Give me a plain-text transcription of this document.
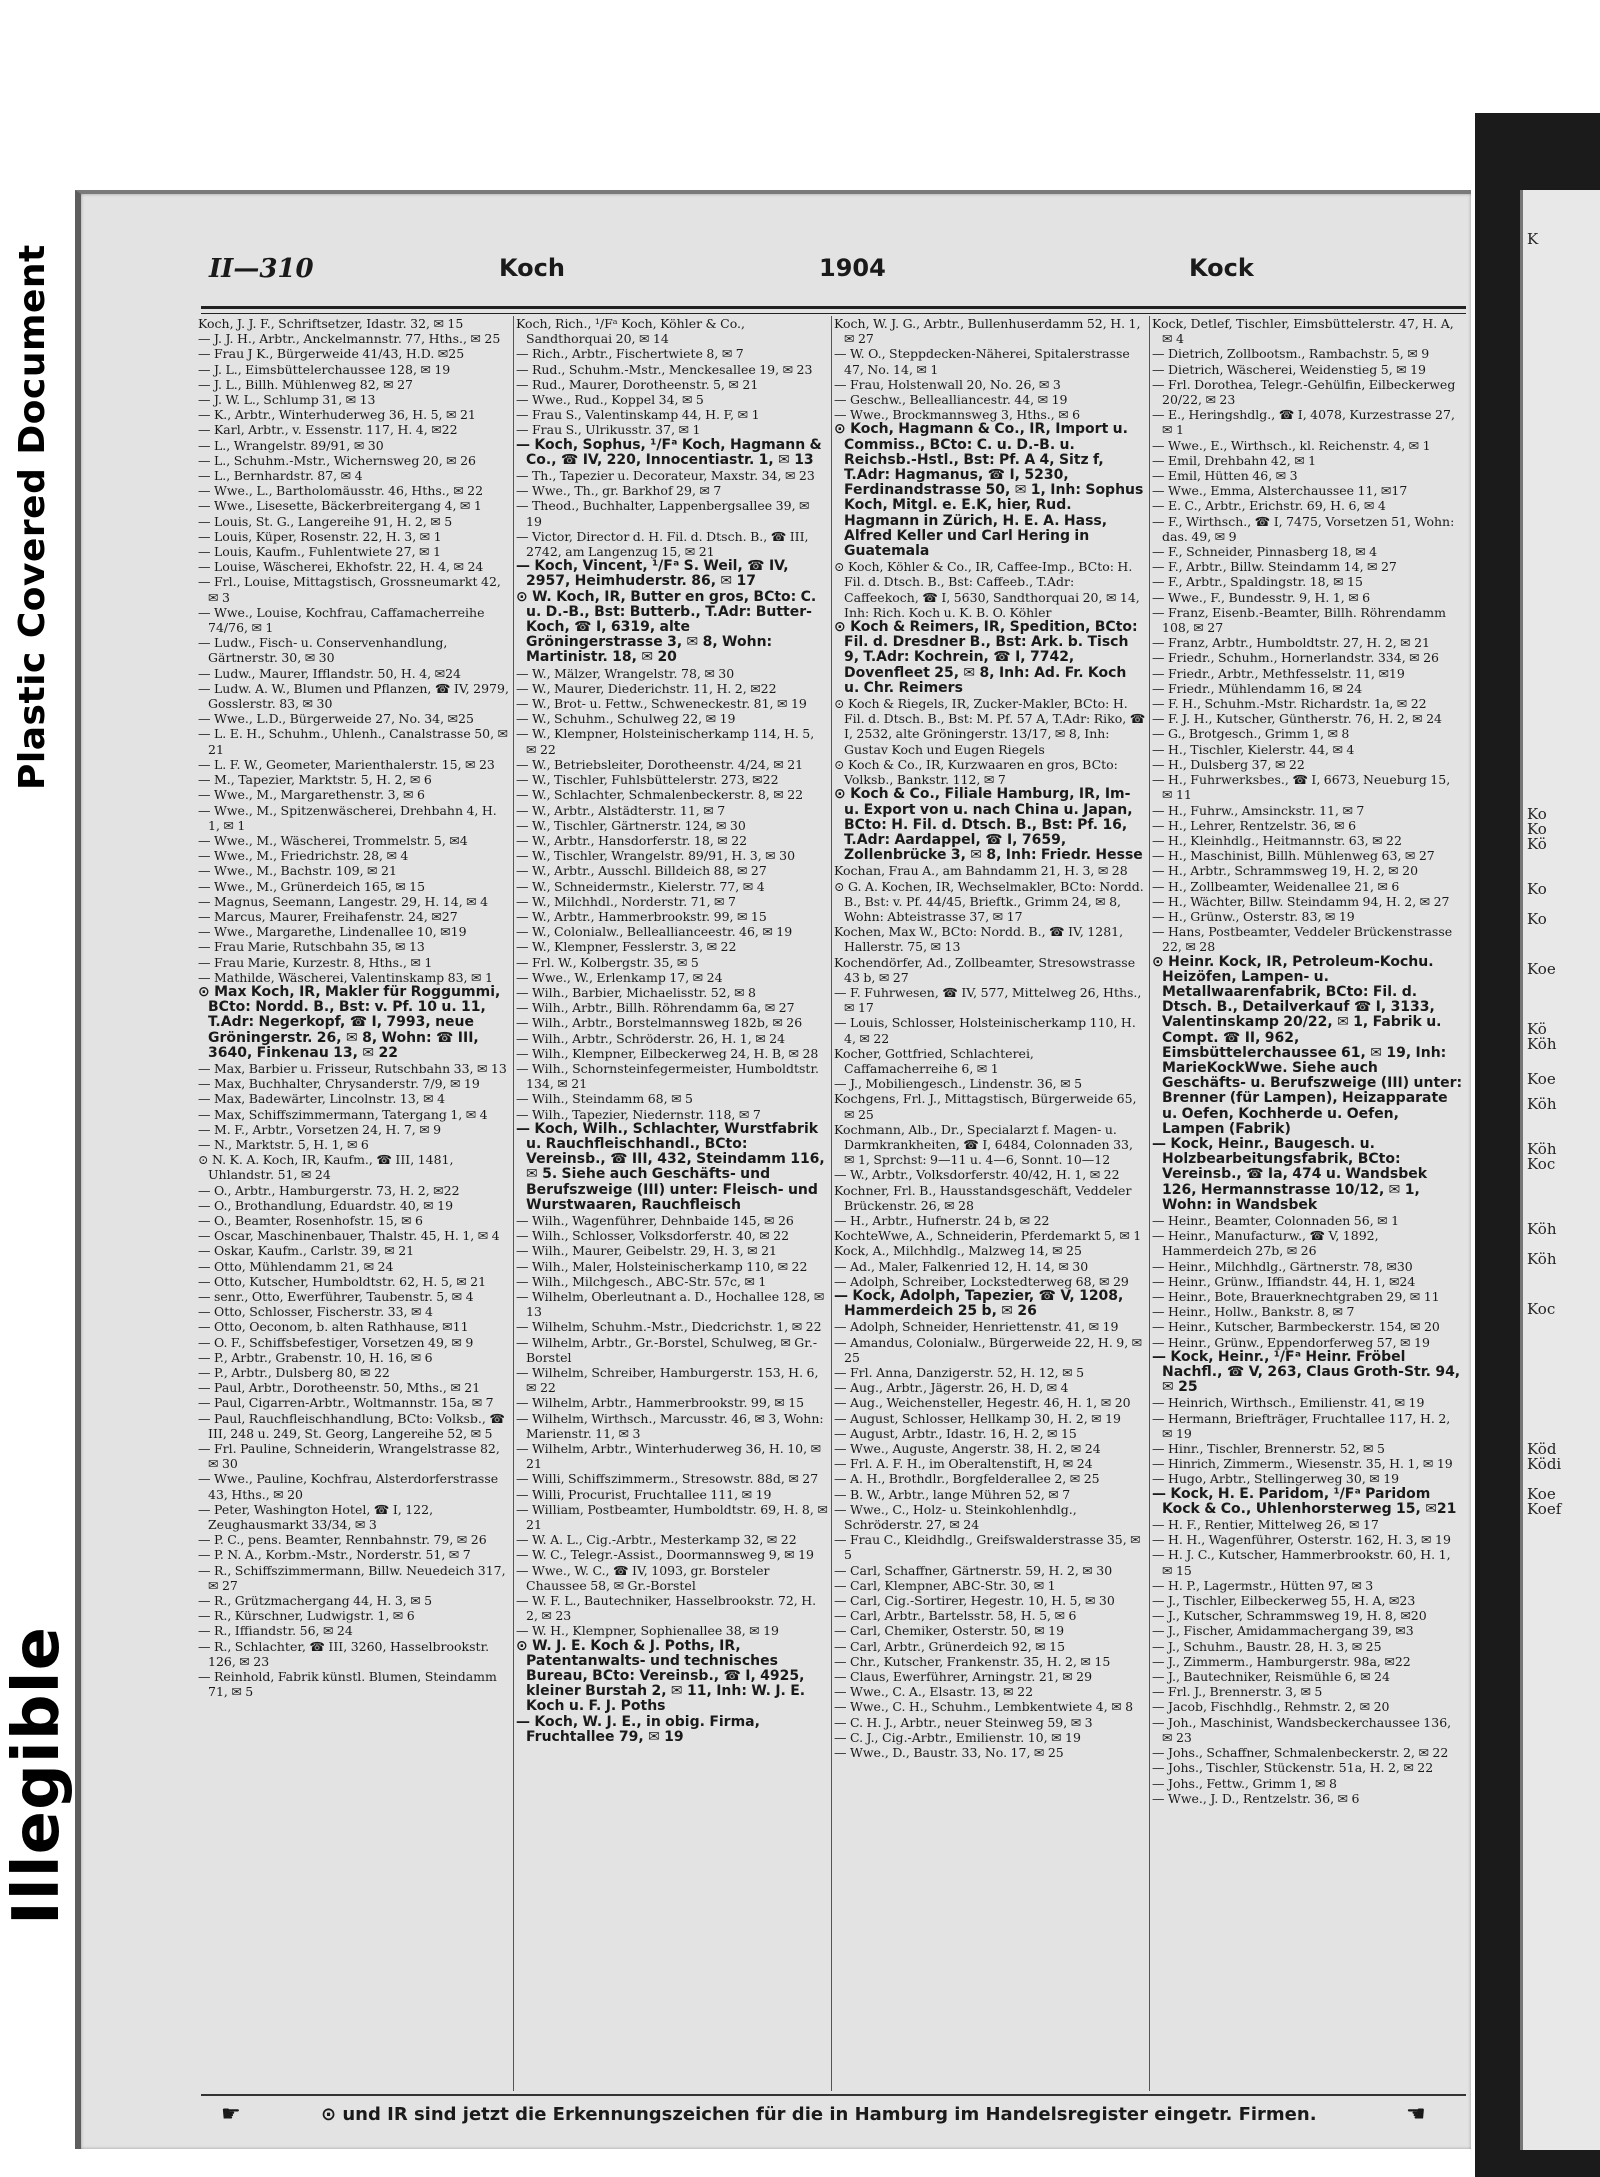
Plastic Covered Document
Illegible
K
Ko
Ko
Kö
Ko
Ko
Koe
Kö
Köh
Koe
Köh
Köh
Koc
Köh
Köh
Koc
Köd
Ködi
Koe
Koef
II—310	Koch	1904	Kock

Koch, J. J. F., Schriftsetzer, Idastr. 32, ✉ 15

— J. J. H., Arbtr., Anckelmannstr. 77, Hths., ✉ 25

— Frau J K., Bürgerweide 41/43, H.D. ✉25

— J. L., Eimsbüttelerchaussee 128, ✉ 19

— J. L., Billh. Mühlenweg 82, ✉ 27

— J. W. L., Schlump 31, ✉ 13

— K., Arbtr., Winterhuderweg 36, H. 5, ✉ 21

— Karl, Arbtr., v. Essenstr. 117, H. 4, ✉22

— L., Wrangelstr. 89/91, ✉ 30

— L., Schuhm.-Mstr., Wichernsweg 20, ✉ 26

— L., Bernhardstr. 87, ✉ 4

— Wwe., L., Bartholomäusstr. 46, Hths., ✉ 22

— Wwe., Lisesette, Bäckerbreitergang 4, ✉ 1

— Louis, St. G., Langereihe 91, H. 2, ✉ 5

— Louis, Küper, Rosenstr. 22, H. 3, ✉ 1

— Louis, Kaufm., Fuhlentwiete 27, ✉ 1

— Louise, Wäscherei, Ekhofstr. 22, H. 4, ✉ 24

— Frl., Louise, Mittagstisch, Grossneumarkt 42, ✉ 3

— Wwe., Louise, Kochfrau, Caffamacherreihe 74/76, ✉ 1

— Ludw., Fisch- u. Conservenhandlung, Gärtnerstr. 30, ✉ 30

— Ludw., Maurer, Ifflandstr. 50, H. 4, ✉24

— Ludw. A. W., Blumen und Pflanzen, ☎ IV, 2979, Gosslerstr. 83, ✉ 30

— Wwe., L.D., Bürgerweide 27, No. 34, ✉25

— L. E. H., Schuhm., Uhlenh., Canalstrasse 50, ✉ 21

— L. F. W., Geometer, Marienthalerstr. 15, ✉ 23

— M., Tapezier, Marktstr. 5, H. 2, ✉ 6

— Wwe., M., Margarethenstr. 3, ✉ 6

— Wwe., M., Spitzenwäscherei, Drehbahn 4, H. 1, ✉ 1

— Wwe., M., Wäscherei, Trommelstr. 5, ✉4

— Wwe., M., Friedrichstr. 28, ✉ 4

— Wwe., M., Bachstr. 109, ✉ 21

— Wwe., M., Grünerdeich 165, ✉ 15

— Magnus, Seemann, Langestr. 29, H. 14, ✉ 4

— Marcus, Maurer, Freihafenstr. 24, ✉27

— Wwe., Margarethe, Lindenallee 10, ✉19

— Frau Marie, Rutschbahn 35, ✉ 13

— Frau Marie, Kurzestr. 8, Hths., ✉ 1

— Mathilde, Wäscherei, Valentinskamp 83, ✉ 1

⊙ Max Koch, IR, Makler für Roggummi, BCto: Nordd. B., Bst: v. Pf. 10 u. 11, T.Adr: Negerkopf, ☎ I, 7993, neue Gröningerstr. 26, ✉ 8, Wohn: ☎ III, 3640, Finkenau 13, ✉ 22

— Max, Barbier u. Frisseur, Rutschbahn 33, ✉ 13

— Max, Buchhalter, Chrysanderstr. 7/9, ✉ 19

— Max, Badewärter, Lincolnstr. 13, ✉ 4

— Max, Schiffszimmermann, Tatergang 1, ✉ 4

— M. F., Arbtr., Vorsetzen 24, H. 7, ✉ 9

— N., Marktstr. 5, H. 1, ✉ 6

⊙ N. K. A. Koch, IR, Kaufm., ☎ III, 1481, Uhlandstr. 51, ✉ 24

— O., Arbtr., Hamburgerstr. 73, H. 2, ✉22

— O., Brothandlung, Eduardstr. 40, ✉ 19

— O., Beamter, Rosenhofstr. 15, ✉ 6

— Oscar, Maschinenbauer, Thalstr. 45, H. 1, ✉ 4

— Oskar, Kaufm., Carlstr. 39, ✉ 21

— Otto, Mühlendamm 21, ✉ 24

— Otto, Kutscher, Humboldtstr. 62, H. 5, ✉ 21

— senr., Otto, Ewerführer, Taubenstr. 5, ✉ 4

— Otto, Schlosser, Fischerstr. 33, ✉ 4

— Otto, Oeconom, b. alten Rathhause, ✉11

— O. F., Schiffsbefestiger, Vorsetzen 49, ✉ 9

— P., Arbtr., Grabenstr. 10, H. 16, ✉ 6

— P., Arbtr., Dulsberg 80, ✉ 22

— Paul, Arbtr., Dorotheenstr. 50, Mths., ✉ 21

— Paul, Cigarren-Arbtr., Woltmannstr. 15a, ✉ 7

— Paul, Rauchfleischhandlung, BCto: Volksb., ☎ III, 248 u. 249, St. Georg, Langereihe 52, ✉ 5

— Frl. Pauline, Schneiderin, Wrangelstrasse 82, ✉ 30

— Wwe., Pauline, Kochfrau, Alsterdorferstrasse 43, Hths., ✉ 20

— Peter, Washington Hotel, ☎ I, 122, Zeughausmarkt 33/34, ✉ 3

— P. C., pens. Beamter, Rennbahnstr. 79, ✉ 26

— P. N. A., Korbm.-Mstr., Norderstr. 51, ✉ 7

— R., Schiffszimmermann, Billw. Neuedeich 317, ✉ 27

— R., Grützmachergang 44, H. 3, ✉ 5

— R., Kürschner, Ludwigstr. 1, ✉ 6

— R., Iffiandstr. 56, ✉ 24

— R., Schlachter, ☎ III, 3260, Hasselbrookstr. 126, ✉ 23

— Reinhold, Fabrik künstl. Blumen, Steindamm 71, ✉ 5

Koch, Rich., ¹/Fᵃ Koch, Köhler & Co., Sandthorquai 20, ✉ 14

— Rich., Arbtr., Fischertwiete 8, ✉ 7

— Rud., Schuhm.-Mstr., Menckesallee 19, ✉ 23

— Rud., Maurer, Dorotheenstr. 5, ✉ 21

— Wwe., Rud., Koppel 34, ✉ 5

— Frau S., Valentinskamp 44, H. F, ✉ 1

— Frau S., Ulrikusstr. 37, ✉ 1

— Koch, Sophus, ¹/Fᵃ Koch, Hagmann & Co., ☎ IV, 220, Innocentiastr. 1, ✉ 13

— Th., Tapezier u. Decorateur, Maxstr. 34, ✉ 23

— Wwe., Th., gr. Barkhof 29, ✉ 7

— Theod., Buchhalter, Lappenbergsallee 39, ✉ 19

— Victor, Director d. H. Fil. d. Dtsch. B., ☎ III, 2742, am Langenzug 15, ✉ 21

— Koch, Vincent, ¹/Fᵃ S. Weil, ☎ IV, 2957, Heimhuderstr. 86, ✉ 17

⊙ W. Koch, IR, Butter en gros, BCto: C. u. D.-B., Bst: Butterb., T.Adr: Butter-Koch, ☎ I, 6319, alte Gröningerstrasse 3, ✉ 8, Wohn: Martinistr. 18, ✉ 20

— W., Mälzer, Wrangelstr. 78, ✉ 30

— W., Maurer, Diederichstr. 11, H. 2, ✉22

— W., Brot- u. Fettw., Schweneckestr. 81, ✉ 19

— W., Schuhm., Schulweg 22, ✉ 19

— W., Klempner, Holsteinischerkamp 114, H. 5, ✉ 22

— W., Betriebsleiter, Dorotheenstr. 4/24, ✉ 21

— W., Tischler, Fuhlsbüttelerstr. 273, ✉22

— W., Schlachter, Schmalenbeckerstr. 8, ✉ 22

— W., Arbtr., Alstädterstr. 11, ✉ 7

— W., Tischler, Gärtnerstr. 124, ✉ 30

— W., Arbtr., Hansdorferstr. 18, ✉ 22

— W., Tischler, Wrangelstr. 89/91, H. 3, ✉ 30

— W., Arbtr., Ausschl. Billdeich 88, ✉ 27

— W., Schneidermstr., Kielerstr. 77, ✉ 4

— W., Milchhdl., Norderstr. 71, ✉ 7

— W., Arbtr., Hammerbrookstr. 99, ✉ 15

— W., Colonialw., Belleallianceestr. 46, ✉ 19

— W., Klempner, Fesslerstr. 3, ✉ 22

— Frl. W., Kolbergstr. 35, ✉ 5

— Wwe., W., Erlenkamp 17, ✉ 24

— Wilh., Barbier, Michaelisstr. 52, ✉ 8

— Wilh., Arbtr., Billh. Röhrendamm 6a, ✉ 27

— Wilh., Arbtr., Borstelmannsweg 182b, ✉ 26

— Wilh., Arbtr., Schröderstr. 26, H. 1, ✉ 24

— Wilh., Klempner, Eilbeckerweg 24, H. B, ✉ 28

— Wilh., Schornsteinfegermeister, Humboldtstr. 134, ✉ 21

— Wilh., Steindamm 68, ✉ 5

— Wilh., Tapezier, Niedernstr. 118, ✉ 7

— Koch, Wilh., Schlachter, Wurstfabrik u. Rauchfleischhandl., BCto: Vereinsb., ☎ III, 432, Steindamm 116, ✉ 5. Siehe auch Geschäfts- und Berufszweige (III) unter: Fleisch- und Wurstwaaren, Rauchfleisch

— Wilh., Wagenführer, Dehnbaide 145, ✉ 26

— Wilh., Schlosser, Volksdorferstr. 40, ✉ 22

— Wilh., Maurer, Geibelstr. 29, H. 3, ✉ 21

— Wilh., Maler, Holsteinischerkamp 110, ✉ 22

— Wilh., Milchgesch., ABC-Str. 57c, ✉ 1

— Wilhelm, Oberleutnant a. D., Hochallee 128, ✉ 13

— Wilhelm, Schuhm.-Mstr., Diedcrichstr. 1, ✉ 22

— Wilhelm, Arbtr., Gr.-Borstel, Schulweg, ✉ Gr.-Borstel

— Wilhelm, Schreiber, Hamburgerstr. 153, H. 6, ✉ 22

— Wilhelm, Arbtr., Hammerbrookstr. 99, ✉ 15

— Wilhelm, Wirthsch., Marcusstr. 46, ✉ 3, Wohn: Marienstr. 11, ✉ 3

— Wilhelm, Arbtr., Winterhuderweg 36, H. 10, ✉ 21

— Willi, Schiffszimmerm., Stresowstr. 88d, ✉ 27

— Willi, Procurist, Fruchtallee 111, ✉ 19

— William, Postbeamter, Humboldtstr. 69, H. 8, ✉ 21

— W. A. L., Cig.-Arbtr., Mesterkamp 32, ✉ 22

— W. C., Telegr.-Assist., Doormannsweg 9, ✉ 19

— Wwe., W. C., ☎ IV, 1093, gr. Borsteler Chaussee 58, ✉ Gr.-Borstel

— W. F. L., Bautechniker, Hasselbrookstr. 72, H. 2, ✉ 23

— W. H., Klempner, Sophienallee 38, ✉ 19

⊙ W. J. E. Koch & J. Poths, IR, Patentanwalts- und technisches Bureau, BCto: Vereinsb., ☎ I, 4925, kleiner Burstah 2, ✉ 11, Inh: W. J. E. Koch u. F. J. Poths

— Koch, W. J. E., in obig. Firma, Fruchtallee 79, ✉ 19

Koch, W. J. G., Arbtr., Bullenhuserdamm 52, H. 1, ✉ 27

— W. O., Steppdecken-Näherei, Spitalerstrasse 47, No. 14, ✉ 1

— Frau, Holstenwall 20, No. 26, ✉ 3

— Geschw., Bellealliancestr. 44, ✉ 19

— Wwe., Brockmannsweg 3, Hths., ✉ 6

⊙ Koch, Hagmann & Co., IR, Import u. Commiss., BCto: C. u. D.-B. u. Reichsb.-Hstl., Bst: Pf. A 4, Sitz f, T.Adr: Hagmanus, ☎ I, 5230, Ferdinandstrasse 50, ✉ 1, Inh: Sophus Koch, Mitgl. e. E.K, hier, Rud. Hagmann in Zürich, H. E. A. Hass, Alfred Keller und Carl Hering in Guatemala

⊙ Koch, Köhler & Co., IR, Caffee-Imp., BCto: H. Fil. d. Dtsch. B., Bst: Caffeeb., T.Adr: Caffeekoch, ☎ I, 5630, Sandthorquai 20, ✉ 14, Inh: Rich. Koch u. K. B. O. Köhler

⊙ Koch & Reimers, IR, Spedition, BCto: Fil. d. Dresdner B., Bst: Ark. b. Tisch 9, T.Adr: Kochrein, ☎ I, 7742, Dovenfleet 25, ✉ 8, Inh: Ad. Fr. Koch u. Chr. Reimers

⊙ Koch & Riegels, IR, Zucker-Makler, BCto: H. Fil. d. Dtsch. B., Bst: M. Pf. 57 A, T.Adr: Riko, ☎ I, 2532, alte Gröningerstr. 13/17, ✉ 8, Inh: Gustav Koch und Eugen Riegels

⊙ Koch & Co., IR, Kurzwaaren en gros, BCto: Volksb., Bankstr. 112, ✉ 7

⊙ Koch & Co., Filiale Hamburg, IR, Im- u. Export von u. nach China u. Japan, BCto: H. Fil. d. Dtsch. B., Bst: Pf. 16, T.Adr: Aardappel, ☎ I, 7659, Zollenbrücke 3, ✉ 8, Inh: Friedr. Hesse

Kochan, Frau A., am Bahndamm 21, H. 3, ✉ 28

⊙ G. A. Kochen, IR, Wechselmakler, BCto: Nordd. B., Bst: v. Pf. 44/45, Brieftk., Grimm 24, ✉ 8, Wohn: Abteistrasse 37, ✉ 17

Kochen, Max W., BCto: Nordd. B., ☎ IV, 1281, Hallerstr. 75, ✉ 13

Kochendörfer, Ad., Zollbeamter, Stresowstrasse 43 b, ✉ 27

— F. Fuhrwesen, ☎ IV, 577, Mittelweg 26, Hths., ✉ 17

— Louis, Schlosser, Holsteinischerkamp 110, H. 4, ✉ 22

Kocher, Gottfried, Schlachterei, Caffamacherreihe 6, ✉ 1

— J., Mobiliengesch., Lindenstr. 36, ✉ 5

Kochgens, Frl. J., Mittagstisch, Bürgerweide 65, ✉ 25

Kochmann, Alb., Dr., Specialarzt f. Magen- u. Darmkrankheiten, ☎ I, 6484, Colonnaden 33, ✉ 1, Sprchst: 9—11 u. 4—6, Sonnt. 10—12

— W., Arbtr., Volksdorferstr. 40/42, H. 1, ✉ 22

Kochner, Frl. B., Hausstandsgeschäft, Veddeler Brückenstr. 26, ✉ 28

— H., Arbtr., Hufnerstr. 24 b, ✉ 22

KochteWwe, A., Schneiderin, Pferdemarkt 5, ✉ 1

Kock, A., Milchhdlg., Malzweg 14, ✉ 25

— Ad., Maler, Falkenried 12, H. 14, ✉ 30

— Adolph, Schreiber, Lockstedterweg 68, ✉ 29

— Kock, Adolph, Tapezier, ☎ V, 1208, Hammerdeich 25 b, ✉ 26

— Adolph, Schneider, Henriettenstr. 41, ✉ 19

— Amandus, Colonialw., Bürgerweide 22, H. 9, ✉ 25

— Frl. Anna, Danzigerstr. 52, H. 12, ✉ 5

— Aug., Arbtr., Jägerstr. 26, H. D, ✉ 4

— Aug., Weichensteller, Hegestr. 46, H. 1, ✉ 20

— August, Schlosser, Hellkamp 30, H. 2, ✉ 19

— August, Arbtr., Idastr. 16, H. 2, ✉ 15

— Wwe., Auguste, Angerstr. 38, H. 2, ✉ 24

— Frl. A. F. H., im Oberaltenstift, H, ✉ 24

— A. H., Brothdlr., Borgfelderallee 2, ✉ 25

— B. W., Arbtr., lange Mühren 52, ✉ 7

— Wwe., C., Holz- u. Steinkohlenhdlg., Schröderstr. 27, ✉ 24

— Frau C., Kleidhdlg., Greifswalderstrasse 35, ✉ 5

— Carl, Schaffner, Gärtnerstr. 59, H. 2, ✉ 30

— Carl, Klempner, ABC-Str. 30, ✉ 1

— Carl, Cig.-Sortirer, Hegestr. 10, H. 5, ✉ 30

— Carl, Arbtr., Bartelsstr. 58, H. 5, ✉ 6

— Carl, Chemiker, Osterstr. 50, ✉ 19

— Carl, Arbtr., Grünerdeich 92, ✉ 15

— Chr., Kutscher, Frankenstr. 35, H. 2, ✉ 15

— Claus, Ewerführer, Arningstr. 21, ✉ 29

— Wwe., C. A., Elsastr. 13, ✉ 22

— Wwe., C. H., Schuhm., Lembkentwiete 4, ✉ 8

— C. H. J., Arbtr., neuer Steinweg 59, ✉ 3

— C. J., Cig.-Arbtr., Emilienstr. 10, ✉ 19

— Wwe., D., Baustr. 33, No. 17, ✉ 25

Kock, Detlef, Tischler, Eimsbüttelerstr. 47, H. A, ✉ 4

— Dietrich, Zollbootsm., Rambachstr. 5, ✉ 9

— Dietrich, Wäscherei, Weidenstieg 5, ✉ 19

— Frl. Dorothea, Telegr.-Gehülfin, Eilbeckerweg 20/22, ✉ 23

— E., Heringshdlg., ☎ I, 4078, Kurzestrasse 27, ✉ 1

— Wwe., E., Wirthsch., kl. Reichenstr. 4, ✉ 1

— Emil, Drehbahn 42, ✉ 1

— Emil, Hütten 46, ✉ 3

— Wwe., Emma, Alsterchaussee 11, ✉17

— E. C., Arbtr., Erichstr. 69, H. 6, ✉ 4

— F., Wirthsch., ☎ I, 7475, Vorsetzen 51, Wohn: das. 49, ✉ 9

— F., Schneider, Pinnasberg 18, ✉ 4

— F., Arbtr., Billw. Steindamm 14, ✉ 27

— F., Arbtr., Spaldingstr. 18, ✉ 15

— Wwe., F., Bundesstr. 9, H. 1, ✉ 6

— Franz, Eisenb.-Beamter, Billh. Röhrendamm 108, ✉ 27

— Franz, Arbtr., Humboldtstr. 27, H. 2, ✉ 21

— Friedr., Schuhm., Hornerlandstr. 334, ✉ 26

— Friedr., Arbtr., Methfesselstr. 11, ✉19

— Friedr., Mühlendamm 16, ✉ 24

— F. H., Schuhm.-Mstr. Richardstr. 1a, ✉ 22

— F. J. H., Kutscher, Güntherstr. 76, H. 2, ✉ 24

— G., Brotgesch., Grimm 1, ✉ 8

— H., Tischler, Kielerstr. 44, ✉ 4

— H., Dulsberg 37, ✉ 22

— H., Fuhrwerksbes., ☎ I, 6673, Neueburg 15, ✉ 11

— H., Fuhrw., Amsinckstr. 11, ✉ 7

— H., Lehrer, Rentzelstr. 36, ✉ 6

— H., Kleinhdlg., Heitmannstr. 63, ✉ 22

— H., Maschinist, Billh. Mühlenweg 63, ✉ 27

— H., Arbtr., Schrammsweg 19, H. 2, ✉ 20

— H., Zollbeamter, Weidenallee 21, ✉ 6

— H., Wächter, Billw. Steindamm 94, H. 2, ✉ 27

— H., Grünw., Osterstr. 83, ✉ 19

— Hans, Postbeamter, Veddeler Brückenstrasse 22, ✉ 28

⊙ Heinr. Kock, IR, Petroleum-Kochu. Heizöfen, Lampen- u. Metallwaarenfabrik, BCto: Fil. d. Dtsch. B., Detailverkauf ☎ I, 3133, Valentinskamp 20/22, ✉ 1, Fabrik u. Compt. ☎ II, 962, Eimsbüttelerchaussee 61, ✉ 19, Inh: MarieKockWwe. Siehe auch Geschäfts- u. Berufszweige (III) unter: Brenner (für Lampen), Heizapparate u. Oefen, Kochherde u. Oefen, Lampen (Fabrik)

— Kock, Heinr., Baugesch. u. Holzbearbeitungsfabrik, BCto: Vereinsb., ☎ Ia, 474 u. Wandsbek 126, Hermannstrasse 10/12, ✉ 1, Wohn: in Wandsbek

— Heinr., Beamter, Colonnaden 56, ✉ 1

— Heinr., Manufacturw., ☎ V, 1892, Hammerdeich 27b, ✉ 26

— Heinr., Milchhdlg., Gärtnerstr. 78, ✉30

— Heinr., Grünw., Iffiandstr. 44, H. 1, ✉24

— Heinr., Bote, Brauerknechtgraben 29, ✉ 11

— Heinr., Hollw., Bankstr. 8, ✉ 7

— Heinr., Kutscher, Barmbeckerstr. 154, ✉ 20

— Heinr., Grünw., Eppendorferweg 57, ✉ 19

— Kock, Heinr., ¹/Fᵃ Heinr. Fröbel Nachfl., ☎ V, 263, Claus Groth-Str. 94, ✉ 25

— Heinrich, Wirthsch., Emilienstr. 41, ✉ 19

— Hermann, Briefträger, Fruchtallee 117, H. 2, ✉ 19

— Hinr., Tischler, Brennerstr. 52, ✉ 5

— Hinrich, Zimmerm., Wiesenstr. 35, H. 1, ✉ 19

— Hugo, Arbtr., Stellingerweg 30, ✉ 19

— Kock, H. E. Paridom, ¹/Fᵃ Paridom Kock & Co., Uhlenhorsterweg 15, ✉21

— H. F., Rentier, Mittelweg 26, ✉ 17

— H. H., Wagenführer, Osterstr. 162, H. 3, ✉ 19

— H. J. C., Kutscher, Hammerbrookstr. 60, H. 1, ✉ 15

— H. P., Lagermstr., Hütten 97, ✉ 3

— J., Tischler, Eilbeckerweg 55, H. A, ✉23

— J., Kutscher, Schrammsweg 19, H. 8, ✉20

— J., Fischer, Amidammachergang 39, ✉3

— J., Schuhm., Baustr. 28, H. 3, ✉ 25

— J., Zimmerm., Hamburgerstr. 98a, ✉22

— J., Bautechniker, Reismühle 6, ✉ 24

— Frl. J., Brennerstr. 3, ✉ 5

— Jacob, Fischhdlg., Rehmstr. 2, ✉ 20

— Joh., Maschinist, Wandsbeckerchaussee 136, ✉ 23

— Johs., Schaffner, Schmalenbeckerstr. 2, ✉ 22

— Johs., Tischler, Stückenstr. 51a, H. 2, ✉ 22

— Johs., Fettw., Grimm 1, ✉ 8

— Wwe., J. D., Rentzelstr. 36, ✉ 6

☛	⊙ und IR sind jetzt die Erkennungszeichen für die in Hamburg im Handelsregister eingetr. Firmen.	☚
